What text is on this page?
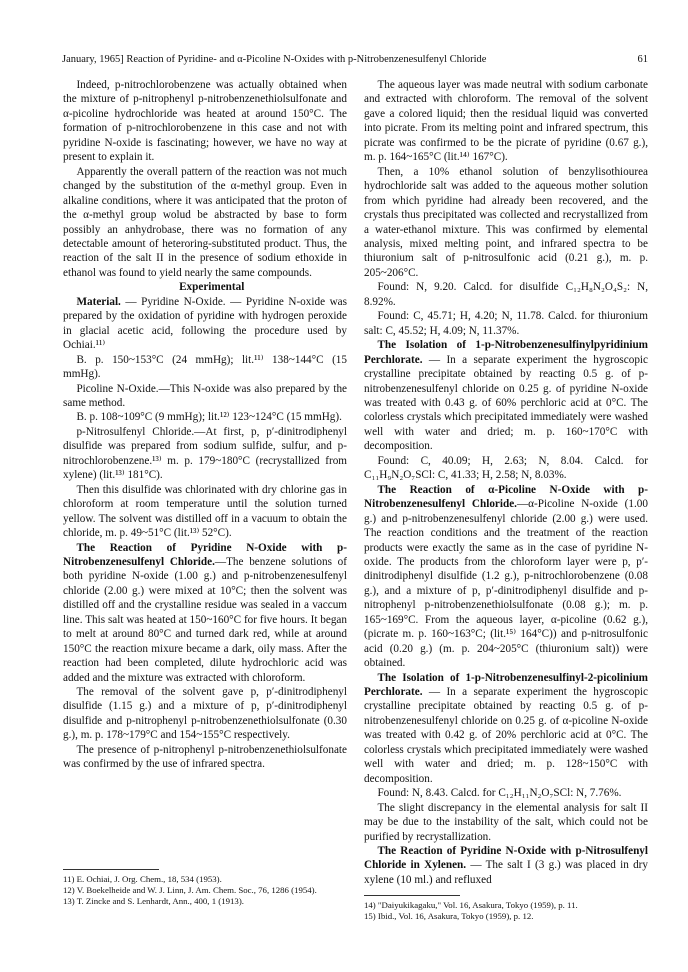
January, 1965] Reaction of Pyridine- and α-Picoline N-Oxides with p-Nitrobenzenesulfenyl Chloride	61

Indeed, p-nitrochlorobenzene was actually obtained when the mixture of p-nitrophenyl p-nitrobenzenethiolsulfonate and α-picoline hydrochloride was heated at around 150°C. The formation of p-nitrochlorobenzene in this case and not with pyridine N-oxide is fascinating; however, we have no way at present to explain it.

Apparently the overall pattern of the reaction was not much changed by the substitution of the α-methyl group. Even in alkaline conditions, where it was anticipated that the proton of the α-methyl group wolud be abstracted by base to form possibly an anhydrobase, there was no formation of any detectable amount of heteroring-substituted product. Thus, the reaction of the salt II in the presence of sodium ethoxide in ethanol was found to yield nearly the same compounds.

Experimental

Material. — Pyridine N-Oxide. — Pyridine N-oxide was prepared by the oxidation of pyridine with hydrogen peroxide in glacial acetic acid, following the procedure used by Ochiai.¹¹⁾

B. p. 150~153°C (24 mmHg); lit.¹¹⁾ 138~144°C (15 mmHg).

Picoline N-Oxide.—This N-oxide was also prepared by the same method.

B. p. 108~109°C (9 mmHg); lit.¹²⁾ 123~124°C (15 mmHg).

p-Nitrosulfenyl Chloride.—At first, p, p′-dinitrodiphenyl disulfide was prepared from sodium sulfide, sulfur, and p-nitrochlorobenzene.¹³⁾ m. p. 179~180°C (recrystallized from xylene) (lit.¹³⁾ 181°C).

Then this disulfide was chlorinated with dry chlorine gas in chloroform at room temperature until the solution turned yellow. The solvent was distilled off in a vacuum to obtain the chloride, m. p. 49~51°C (lit.¹³⁾ 52°C).

The Reaction of Pyridine N-Oxide with p-Nitrobenzenesulfenyl Chloride.—The benzene solutions of both pyridine N-oxide (1.00 g.) and p-nitrobenzenesulfenyl chloride (2.00 g.) were mixed at 10°C; then the solvent was distilled off and the crystalline residue was sealed in a vaccum line. This salt was heated at 150~160°C for five hours. It began to melt at around 80°C and turned dark red, while at around 150°C the reaction mixure became a dark, oily mass. After the reaction had been completed, dilute hydrochloric acid was added and the mixture was extracted with chloroform.

The removal of the solvent gave p, p′-dinitrodiphenyl disulfide (1.15 g.) and a mixture of p, p′-dinitrodiphenyl disulfide and p-nitrophenyl p-nitrobenzenethiolsulfonate (0.30 g.), m. p. 178~179°C and 154~155°C respectively.

The presence of p-nitrophenyl p-nitrobenzenethiolsulfonate was confirmed by the use of infrared spectra.

The aqueous layer was made neutral with sodium carbonate and extracted with chloroform. The removal of the solvent gave a colored liquid; then the residual liquid was converted into picrate. From its melting point and infrared spectrum, this picrate was confirmed to be the picrate of pyridine (0.67 g.), m. p. 164~165°C (lit.¹⁴⁾ 167°C).

Then, a 10% ethanol solution of benzylisothiourea hydrochloride salt was added to the aqueous mother solution from which pyridine had already been recovered, and the crystals thus precipitated was collected and recrystallized from a water-ethanol mixture. This was confirmed by elemental analysis, mixed melting point, and infrared spectra to be thiuronium salt of p-nitrosulfonic acid (0.21 g.), m. p. 205~206°C.

Found: N, 9.20. Calcd. for disulfide C₁₂H₈N₂O₄S₂: N, 8.92%.

Found: C, 45.71; H, 4.20; N, 11.78. Calcd. for thiuronium salt: C, 45.52; H, 4.09; N, 11.37%.

The Isolation of 1-p-Nitrobenzenesulfinylpyridinium Perchlorate. — In a separate experiment the hygroscopic crystalline precipitate obtained by reacting 0.5 g. of p-nitrobenzenesulfenyl chloride on 0.25 g. of pyridine N-oxide was treated with 0.43 g. of 60% perchloric acid at 0°C. The colorless crystals which precipitated immediately were washed well with water and dried; m. p. 160~170°C with decomposition.

Found: C, 40.09; H, 2.63; N, 8.04. Calcd. for C₁₁H₉N₂O₇SCl: C, 41.33; H, 2.58; N, 8.03%.

The Reaction of α-Picoline N-Oxide with p-Nitrobenzenesulfenyl Chloride.—α-Picoline N-oxide (1.00 g.) and p-nitrobenzenesulfenyl chloride (2.00 g.) were used. The reaction conditions and the treatment of the reaction products were exactly the same as in the case of pyridine N-oxide. The products from the chloroform layer were p, p′-dinitrodiphenyl disulfide (1.2 g.), p-nitrochlorobenzene (0.08 g.), and a mixture of p, p′-dinitrodiphenyl disulfide and p-nitrophenyl p-nitrobenzenethiolsulfonate (0.08 g.); m. p. 165~169°C. From the aqueous layer, α-picoline (0.62 g.), (picrate m. p. 160~163°C; (lit.¹⁵⁾ 164°C)) and p-nitrosulfonic acid (0.20 g.) (m. p. 204~205°C (thiuronium salt)) were obtained.

The Isolation of 1-p-Nitrobenzenesulfinyl-2-picolinium Perchlorate. — In a separate experiment the hygroscopic crystalline precipitate obtained by reacting 0.5 g. of p-nitrobenzenesulfenyl chloride on 0.25 g. of α-picoline N-oxide was treated with 0.42 g. of 20% perchloric acid at 0°C. The colorless crystals which precipitated immediately were washed well with water and dried; m. p. 128~150°C with decomposition.

Found: N, 8.43. Calcd. for C₁₂H₁₁N₂O₇SCl: N, 7.76%.

The slight discrepancy in the elemental analysis for salt II may be due to the instability of the salt, which could not be purified by recrystallization.

The Reaction of Pyridine N-Oxide with p-Nitrosulfenyl Chloride in Xylenen. — The salt I (3 g.) was placed in dry xylene (10 ml.) and refluxed

11) E. Ochiai, J. Org. Chem., 18, 534 (1953).
12) V. Boekelheide and W. J. Linn, J. Am. Chem. Soc., 76, 1286 (1954).
13) T. Zincke and S. Lenhardt, Ann., 400, 1 (1913).	14) "Daiyukikagaku," Vol. 16, Asakura, Tokyo (1959), p. 11.
15) Ibid., Vol. 16, Asakura, Tokyo (1959), p. 12.
